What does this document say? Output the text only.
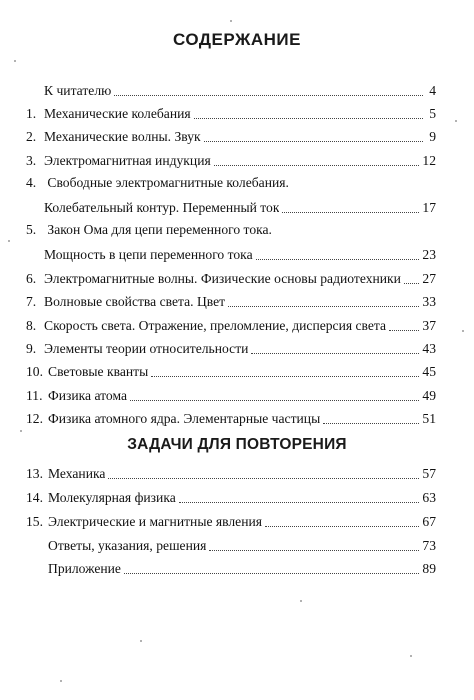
СОДЕРЖАНИЕ
К читателю	4
1. Механические колебания	5
2. Механические волны. Звук	9
3. Электромагнитная индукция	12
4. Свободные электромагнитные колебания.
Колебательный контур. Переменный ток	17
5. Закон Ома для цепи переменного тока.
Мощность в цепи переменного тока	23
6. Электромагнитные волны. Физические основы радиотехники 27
7. Волновые свойства света. Цвет	33
8. Скорость света. Отражение, преломление, дисперсия света	37
9. Элементы теории относительности	43
10. Световые кванты	45
11. Физика атома	49
12. Физика атомного ядра. Элементарные частицы	51
ЗАДАЧИ ДЛЯ ПОВТОРЕНИЯ
13. Механика	57
14. Молекулярная физика	63
15. Электрические и магнитные явления	67
Ответы, указания, решения	73
Приложение	89
